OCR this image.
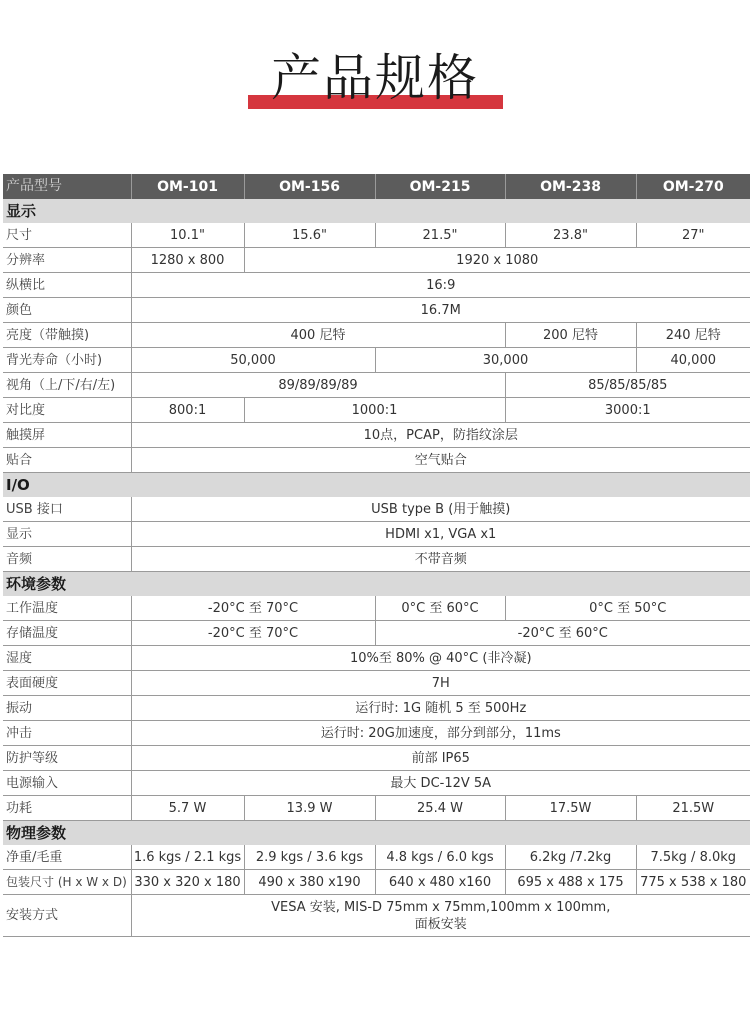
产品规格
产品型号	OM-101	OM-156	OM-215	OM-238	OM-270
显示					
尺寸	10.1"	15.6"	21.5"	23.8"	27"
分辨率	1280 x 800	1920 x 1080			
纵横比	16:9				
颜色	16.7M				
亮度（带触摸)	400 尼特			200 尼特	240 尼特
背光寿命（小时)	50,000		30,000		40,000
视角（上/下/右/左)	89/89/89/89			85/85/85/85	
对比度	800:1	1000:1		3000:1	
触摸屏	10点，PCAP，防指纹涂层				
贴合	空气贴合				
I/O					
USB 接口	USB type B (用于触摸)				
显示	HDMI x1, VGA x1				
音频	不带音频				
环境参数					
工作温度	-20°C 至 70°C		0°C 至 60°C	0°C 至 50°C	
存储温度	-20°C 至 70°C		-20°C 至 60°C		
湿度	10%至 80% @ 40°C (非冷凝)				
表面硬度	7H				
振动	运行时: 1G 随机 5 至 500Hz				
冲击	运行时: 20G加速度，部分到部分，11ms				
防护等级	前部 IP65				
电源输入	最大 DC-12V 5A				
功耗	5.7 W	13.9 W	25.4 W	17.5W	21.5W
物理参数					
净重/毛重	1.6 kgs / 2.1 kgs	2.9 kgs / 3.6 kgs	4.8 kgs / 6.0 kgs	6.2kg /7.2kg	7.5kg / 8.0kg
包装尺寸 (H x W x D)	330 x 320 x 180	490 x 380 x190	640 x 480 x160	695 x 488 x 175	775 x 538 x 180
安装方式	VESA 安装, MIS-D 75mm x 75mm,100mm x 100mm,
面板安装				
